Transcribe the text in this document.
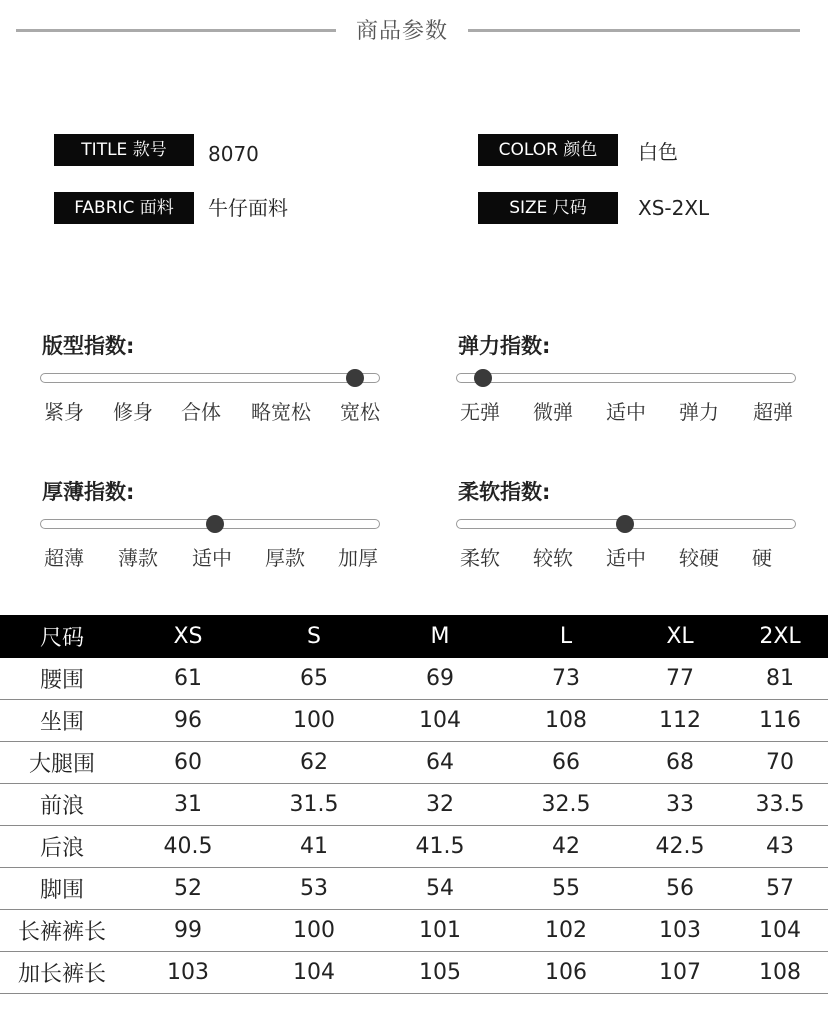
商品参数
TITLE 款号	8070	COLOR 颜色	白色
FABRIC 面料	牛仔面料	SIZE 尺码	XS-2XL
版型指数:
紧身 修身 合体 略宽松 宽松
弹力指数:
无弹 微弹 适中 弹力 超弹
厚薄指数:
超薄 薄款 适中 厚款 加厚
柔软指数:
柔软 较软 适中 较硬 硬
尺码	XS	S	M	L	XL	2XL
腰围	61	65	69	73	77	81
坐围	96	100	104	108	112	116
大腿围	60	62	64	66	68	70
前浪	31	31.5	32	32.5	33	33.5
后浪	40.5	41	41.5	42	42.5	43
脚围	52	53	54	55	56	57
长裤裤长	99	100	101	102	103	104
加长裤长	103	104	105	106	107	108
